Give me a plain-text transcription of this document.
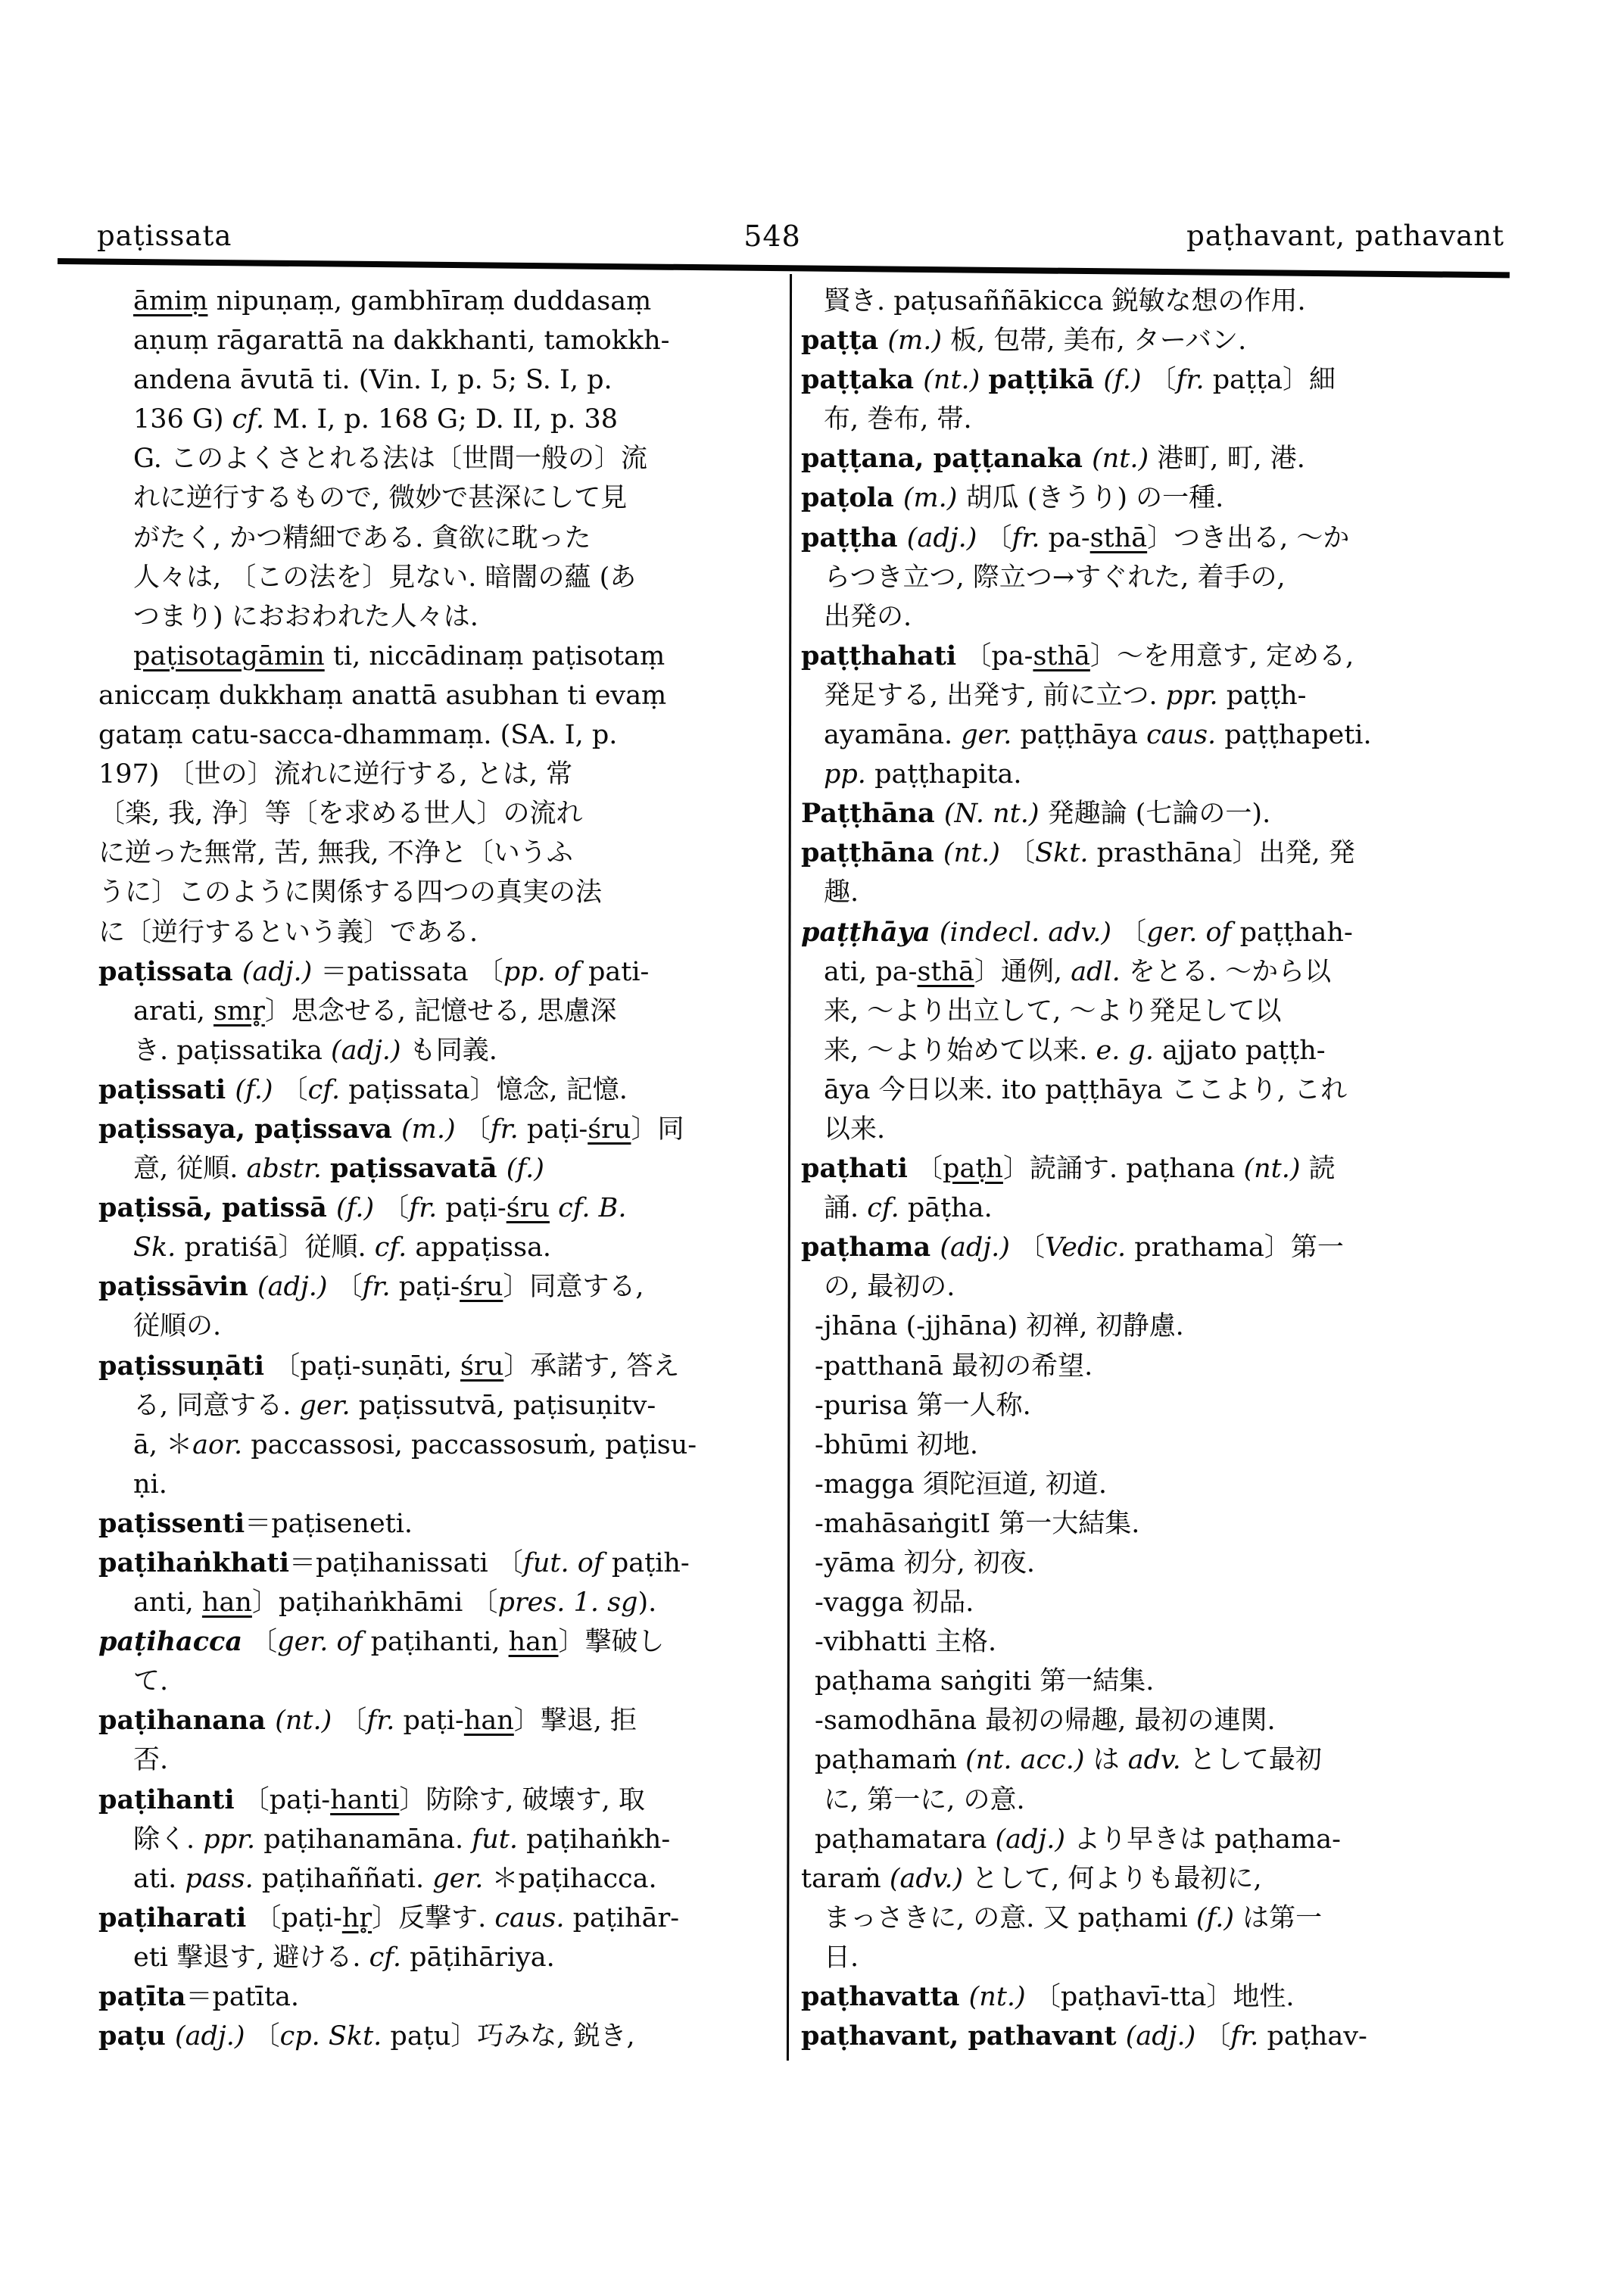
paṭissata	548	paṭhavant, pathavant
āmiṃ nipuṇaṃ, gambhīraṃ duddasaṃ
aṇuṃ rāgarattā na dakkhanti, tamokkh-
andena āvutā ti. (Vin. I, p. 5; S. I, p.
136 G) cf. M. I, p. 168 G; D. II, p. 38
G. このよくさとれる法は〔世間一般の〕流
れに逆行するもので, 微妙で甚深にして見
がたく, かつ精細である. 貪欲に耽った
人々は, 〔この法を〕見ない. 暗闇の蘊 (あ
つまり) におおわれた人々は.
paṭisotagāmin ti, niccādinaṃ paṭisotaṃ
aniccaṃ dukkhaṃ anattā asubhan ti evaṃ
gataṃ catu-sacca-dhammaṃ. (SA. I, p.
197) 〔世の〕流れに逆行する, とは, 常
〔楽, 我, 浄〕等〔を求める世人〕の流れ
に逆った無常, 苦, 無我, 不浄と〔いうふ
うに〕このように関係する四つの真実の法
に〔逆行するという義〕である.
paṭissata (adj.) ＝patissata 〔pp. of pati-
arati, smr̥〕思念せる, 記憶せる, 思慮深
き. paṭissatika (adj.) も同義.
paṭissati (f.) 〔cf. paṭissata〕憶念, 記憶.
paṭissaya, paṭissava (m.) 〔fr. paṭi-śru〕同
意, 従順. abstr. paṭissavatā (f.)
paṭissā, patissā (f.) 〔fr. paṭi-śru cf. B.
Sk. pratiśā〕従順. cf. appaṭissa.
paṭissāvin (adj.) 〔fr. paṭi-śru〕同意する,
従順の.
paṭissuṇāti 〔paṭi-suṇāti, śru〕承諾す, 答え
る, 同意する. ger. paṭissutvā, paṭisuṇitv-
ā, ＊aor. paccassosi, paccassosuṁ, paṭisu-
ṇi.
paṭissenti＝paṭiseneti.
paṭihaṅkhati＝paṭihanissati 〔fut. of paṭih-
anti, han〕paṭihaṅkhāmi 〔pres. 1. sg).
paṭihacca 〔ger. of paṭihanti, han〕撃破し
て.
paṭihanana (nt.) 〔fr. paṭi-han〕撃退, 拒
否.
paṭihanti 〔paṭi-hanti〕防除す, 破壊す, 取
除く. ppr. paṭihanamāna. fut. paṭihaṅkh-
ati. pass. paṭihaññati. ger. ＊paṭihacca.
paṭiharati 〔paṭi-hr̥〕反撃す. caus. paṭihār-
eti 撃退す, 避ける. cf. pāṭihāriya.
paṭīta＝patīta.
paṭu (adj.) 〔cp. Skt. paṭu〕巧みな, 鋭き,
賢き. paṭusaññākicca 鋭敏な想の作用.
paṭṭa (m.) 板, 包帯, 美布, ターバン.
paṭṭaka (nt.) paṭṭikā (f.) 〔fr. paṭṭa〕細
布, 巻布, 帯.
paṭṭana, paṭṭanaka (nt.) 港町, 町, 港.
paṭola (m.) 胡瓜 (きうり) の一種.
paṭṭha (adj.) 〔fr. pa-sthā〕つき出る, ～か
らつき立つ, 際立つ→すぐれた, 着手の,
出発の.
paṭṭhahati 〔pa-sthā〕～を用意す, 定める,
発足する, 出発す, 前に立つ. ppr. paṭṭh-
ayamāna. ger. paṭṭhāya caus. paṭṭhapeti.
pp. paṭṭhapita.
Paṭṭhāna (N. nt.) 発趣論 (七論の一).
paṭṭhāna (nt.) 〔Skt. prasthāna〕出発, 発
趣.
paṭṭhāya (indecl. adv.) 〔ger. of paṭṭhah-
ati, pa-sthā〕通例, adl. をとる. ～から以
来, ～より出立して, ～より発足して以
来, ～より始めて以来. e. g. ajjato paṭṭh-
āya 今日以来. ito paṭṭhāya ここより, これ
以来.
paṭhati 〔paṭh〕読誦す. paṭhana (nt.) 読
誦. cf. pāṭha.
paṭhama (adj.) 〔Vedic. prathama〕第一
の, 最初の.
-jhāna (-jjhāna) 初禅, 初静慮.
-patthanā 最初の希望.
-purisa 第一人称.
-bhūmi 初地.
-magga 須陀洹道, 初道.
-mahāsaṅgitI 第一大結集.
-yāma 初分, 初夜.
-vagga 初品.
-vibhatti 主格.
paṭhama saṅgiti 第一結集.
-samodhāna 最初の帰趣, 最初の連関.
paṭhamaṁ (nt. acc.) は adv. として最初
に, 第一に, の意.
paṭhamatara (adj.) より早きは paṭhama-
taraṁ (adv.) として, 何よりも最初に,
まっさきに, の意. 又 paṭhami (f.) は第一
日.
paṭhavatta (nt.) 〔paṭhavī-tta〕地性.
paṭhavant, pathavant (adj.) 〔fr. paṭhav-
